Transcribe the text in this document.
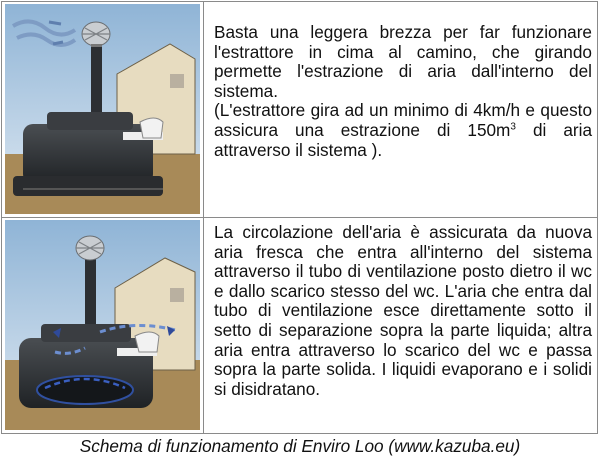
Basta una leggera brezza per far funzionare l'estrattore in cima al camino, che girando permette l'estrazione di aria dall'interno del sistema.

(L'estrattore gira ad un minimo di 4km/h e questo assicura una estrazione di $150m^3$ di aria attraverso il sistema ).

La circolazione dell'aria è assicurata da nuova aria fresca che entra all'interno del sistema attraverso il tubo di ventilazione posto dietro il wc e dallo scarico stesso del wc. L'aria che entra dal tubo di ventilazione esce direttamente sotto il setto di separazione sopra la parte liquida; altra aria entra attraverso lo scarico del wc e passa sopra la parte solida. I liquidi evaporano e i solidi si disidratano.

Schema di funzionamento di Enviro Loo (www.kazuba.eu)
